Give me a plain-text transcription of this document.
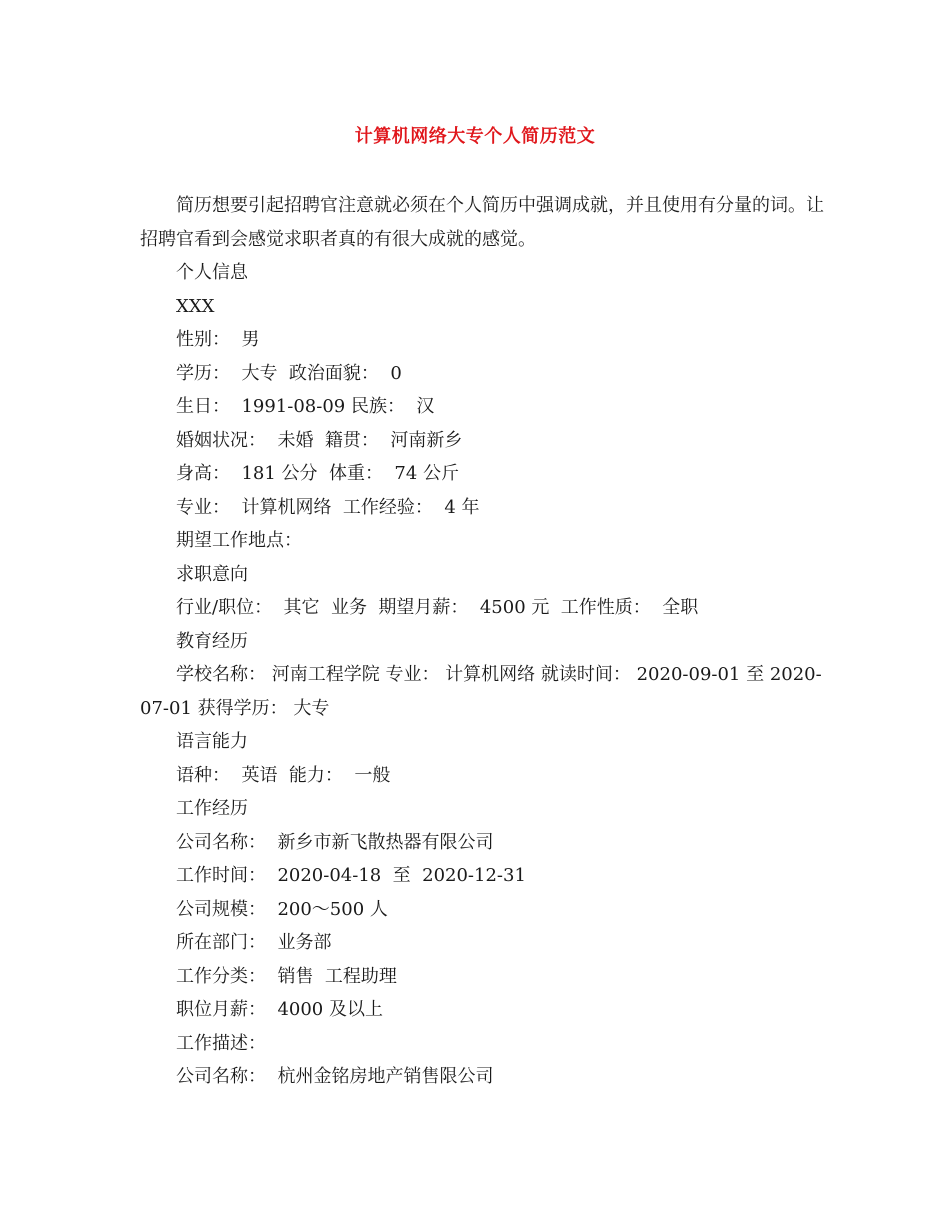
计算机网络大专个人简历范文

简历想要引起招聘官注意就必须在个人简历中强调成就，并且使用有分量的词。让招聘官看到会感觉求职者真的有很大成就的感觉。

个人信息

XXX

性别：  男

学历：  大专  政治面貌：  0

生日：  1991-08-09 民族：  汉

婚姻状况：  未婚  籍贯：  河南新乡

身高：  181 公分  体重：  74 公斤

专业：  计算机网络  工作经验：  4 年

期望工作地点：

求职意向

行业/职位：  其它  业务  期望月薪：  4500 元  工作性质：  全职

教育经历

学校名称： 河南工程学院 专业： 计算机网络 就读时间： 2020-09-01 至 2020-07-01 获得学历： 大专

语言能力

语种：  英语  能力：  一般

工作经历

公司名称：  新乡市新飞散热器有限公司

工作时间：  2020-04-18  至  2020-12-31

公司规模：  200～500 人

所在部门：  业务部

工作分类：  销售  工程助理

职位月薪：  4000 及以上

工作描述：

公司名称：  杭州金铭房地产销售限公司
